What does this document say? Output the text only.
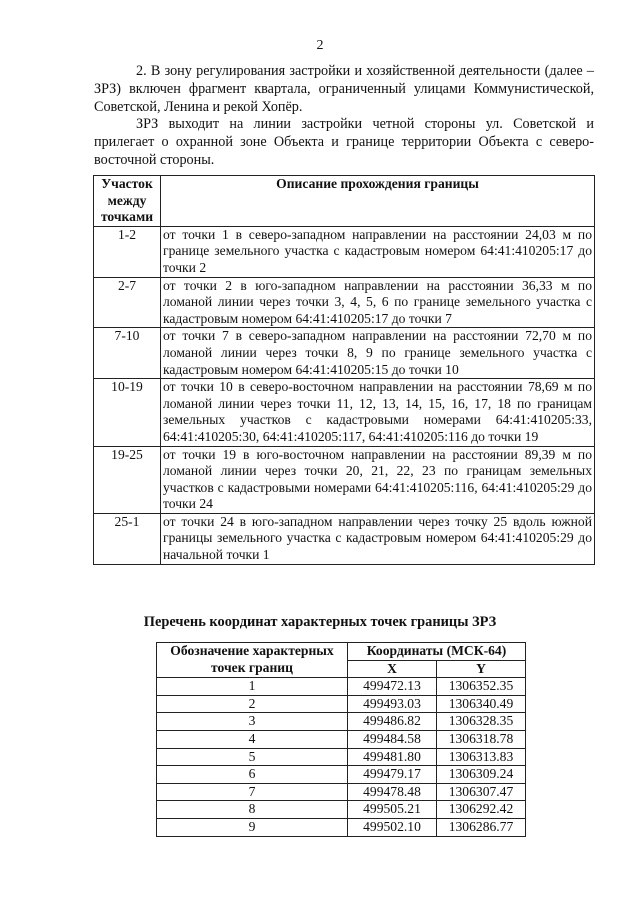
2

2. В зону регулирования застройки и хозяйственной деятельности (далее – ЗРЗ) включен фрагмент квартала, ограниченный улицами Коммунистической, Советской, Ленина и рекой Хопёр.

ЗРЗ выходит на линии застройки четной стороны ул. Советской и прилегает о охранной зоне Объекта и границе территории Объекта с северо-восточной стороны.

Участок между точками	Описание прохождения границы
1-2	от точки 1 в северо-западном направлении на расстоянии 24,03 м по границе земельного участка с кадастровым номером 64:41:410205:17 до точки 2
2-7	от точки 2 в юго-западном направлении на расстоянии 36,33 м по ломаной линии через точки 3, 4, 5, 6 по границе земельного участка с кадастровым номером 64:41:410205:17 до точки 7
7-10	от точки 7 в северо-западном направлении на расстоянии 72,70 м по ломаной линии через точки 8, 9 по границе земельного участка с кадастровым номером 64:41:410205:15 до точки 10
10-19	от точки 10 в северо-восточном направлении на расстоянии 78,69 м по ломаной линии через точки 11, 12, 13, 14, 15, 16, 17, 18 по границам земельных участков с кадастровыми номерами 64:41:410205:33, 64:41:410205:30, 64:41:410205:117, 64:41:410205:116 до точки 19
19-25	от точки 19 в юго-восточном направлении на расстоянии 89,39 м по ломаной линии через точки 20, 21, 22, 23 по границам земельных участков с кадастровыми номерами 64:41:410205:116, 64:41:410205:29 до точки 24
25-1	от точки 24 в юго-западном направлении через точку 25 вдоль южной границы земельного участка с кадастровым номером 64:41:410205:29 до начальной точки 1

Перечень координат характерных точек границы ЗРЗ

Обозначение характерных точек границ	Координаты (МСК-64)	
	X	Y
1	499472.13	1306352.35
2	499493.03	1306340.49
3	499486.82	1306328.35
4	499484.58	1306318.78
5	499481.80	1306313.83
6	499479.17	1306309.24
7	499478.48	1306307.47
8	499505.21	1306292.42
9	499502.10	1306286.77
